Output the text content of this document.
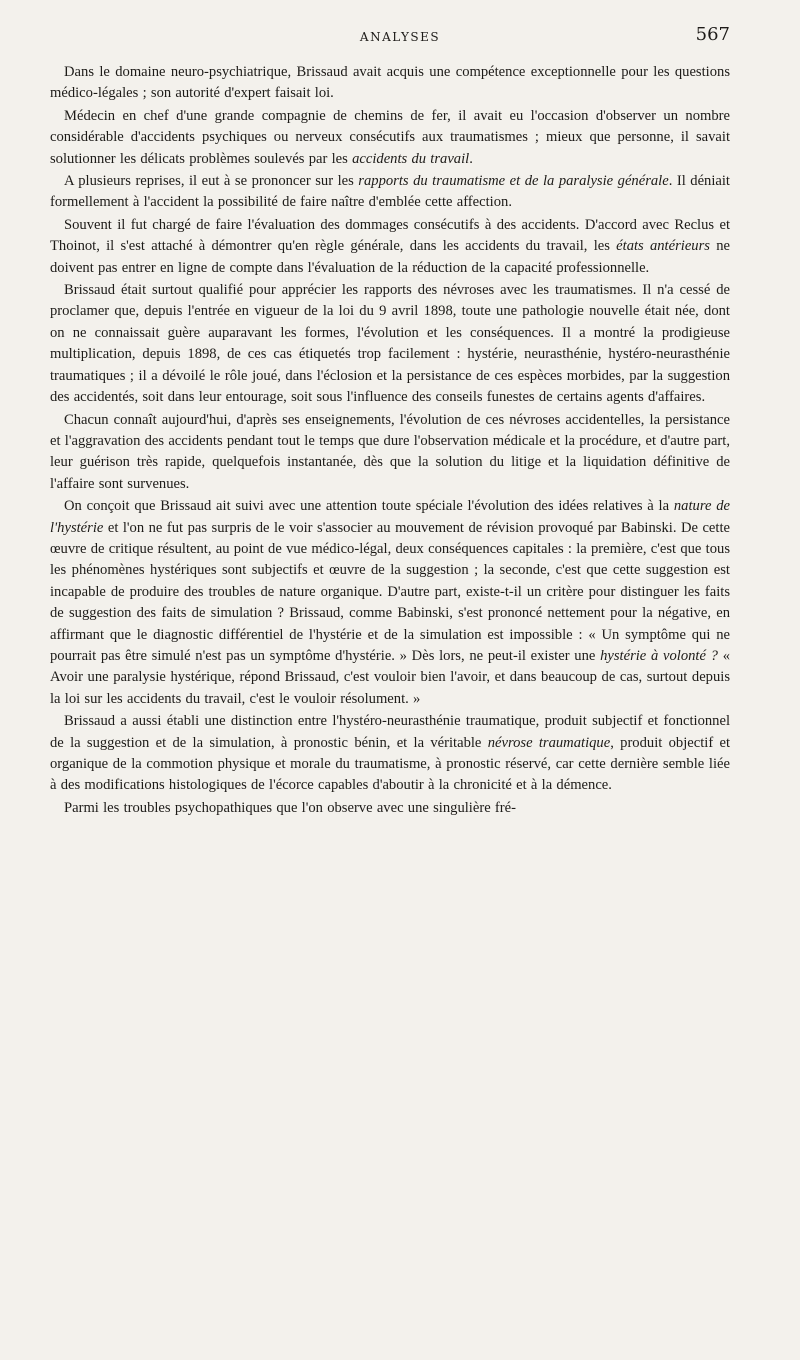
ANALYSES	567

Dans le domaine neuro-psychiatrique, Brissaud avait acquis une compétence exceptionnelle pour les questions médico-légales ; son autorité d'expert faisait loi.

Médecin en chef d'une grande compagnie de chemins de fer, il avait eu l'occasion d'observer un nombre considérable d'accidents psychiques ou nerveux consécutifs aux traumatismes ; mieux que personne, il savait solutionner les délicats problèmes soulevés par les accidents du travail.

A plusieurs reprises, il eut à se prononcer sur les rapports du traumatisme et de la paralysie générale. Il déniait formellement à l'accident la possibilité de faire naître d'emblée cette affection.

Souvent il fut chargé de faire l'évaluation des dommages consécutifs à des accidents. D'accord avec Reclus et Thoinot, il s'est attaché à démontrer qu'en règle générale, dans les accidents du travail, les états antérieurs ne doivent pas entrer en ligne de compte dans l'évaluation de la réduction de la capacité professionnelle.

Brissaud était surtout qualifié pour apprécier les rapports des névroses avec les traumatismes. Il n'a cessé de proclamer que, depuis l'entrée en vigueur de la loi du 9 avril 1898, toute une pathologie nouvelle était née, dont on ne connaissait guère auparavant les formes, l'évolution et les conséquences. Il a montré la prodigieuse multiplication, depuis 1898, de ces cas étiquetés trop facilement : hystérie, neurasthénie, hystéro-neurasthénie traumatiques ; il a dévoilé le rôle joué, dans l'éclosion et la persistance de ces espèces morbides, par la suggestion des accidentés, soit dans leur entourage, soit sous l'influence des conseils funestes de certains agents d'affaires.

Chacun connaît aujourd'hui, d'après ses enseignements, l'évolution de ces névroses accidentelles, la persistance et l'aggravation des accidents pendant tout le temps que dure l'observation médicale et la procédure, et d'autre part, leur guérison très rapide, quelquefois instantanée, dès que la solution du litige et la liquidation définitive de l'affaire sont survenues.

On conçoit que Brissaud ait suivi avec une attention toute spéciale l'évolution des idées relatives à la nature de l'hystérie et l'on ne fut pas surpris de le voir s'associer au mouvement de révision provoqué par Babinski. De cette œuvre de critique résultent, au point de vue médico-légal, deux conséquences capitales : la première, c'est que tous les phénomènes hystériques sont subjectifs et œuvre de la suggestion ; la seconde, c'est que cette suggestion est incapable de produire des troubles de nature organique. D'autre part, existe-t-il un critère pour distinguer les faits de suggestion des faits de simulation ? Brissaud, comme Babinski, s'est prononcé nettement pour la négative, en affirmant que le diagnostic différentiel de l'hystérie et de la simulation est impossible : « Un symptôme qui ne pourrait pas être simulé n'est pas un symptôme d'hystérie. » Dès lors, ne peut-il exister une hystérie à volonté ? « Avoir une paralysie hystérique, répond Brissaud, c'est vouloir bien l'avoir, et dans beaucoup de cas, surtout depuis la loi sur les accidents du travail, c'est le vouloir résolument. »

Brissaud a aussi établi une distinction entre l'hystéro-neurasthénie traumatique, produit subjectif et fonctionnel de la suggestion et de la simulation, à pronostic bénin, et la véritable névrose traumatique, produit objectif et organique de la commotion physique et morale du traumatisme, à pronostic réservé, car cette dernière semble liée à des modifications histologiques de l'écorce capables d'aboutir à la chronicité et à la démence.

Parmi les troubles psychopathiques que l'on observe avec une singulière fré-
